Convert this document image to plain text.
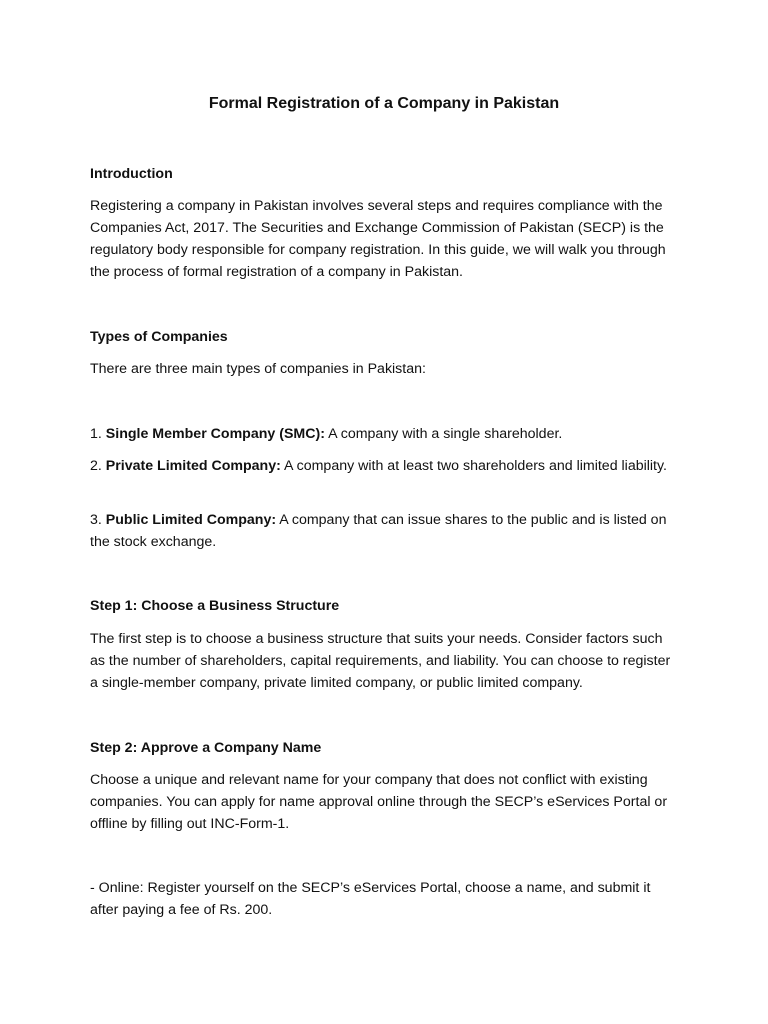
Formal Registration of a Company in Pakistan

Introduction

Registering a company in Pakistan involves several steps and requires compliance with the Companies Act, 2017. The Securities and Exchange Commission of Pakistan (SECP) is the regulatory body responsible for company registration. In this guide, we will walk you through the process of formal registration of a company in Pakistan.

Types of Companies

There are three main types of companies in Pakistan:

1. Single Member Company (SMC): A company with a single shareholder.

2. Private Limited Company: A company with at least two shareholders and limited liability.

3. Public Limited Company: A company that can issue shares to the public and is listed on the stock exchange.

Step 1: Choose a Business Structure

The first step is to choose a business structure that suits your needs. Consider factors such as the number of shareholders, capital requirements, and liability. You can choose to register a single-member company, private limited company, or public limited company.

Step 2: Approve a Company Name

Choose a unique and relevant name for your company that does not conflict with existing companies. You can apply for name approval online through the SECP’s eServices Portal or offline by filling out INC-Form-1.

- Online: Register yourself on the SECP’s eServices Portal, choose a name, and submit it after paying a fee of Rs. 200.
